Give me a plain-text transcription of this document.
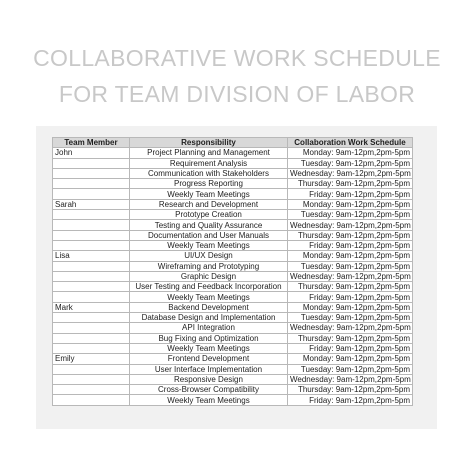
COLLABORATIVE WORK SCHEDULE
FOR TEAM DIVISION OF LABOR
Team Member	Responsibility	Collaboration Work Schedule
John	Project Planning and Management	Monday: 9am-12pm,2pm-5pm
	Requirement Analysis	Tuesday: 9am-12pm,2pm-5pm
	Communication with Stakeholders	Wednesday: 9am-12pm,2pm-5pm
	Progress Reporting	Thursday: 9am-12pm,2pm-5pm
	Weekly Team Meetings	Friday: 9am-12pm,2pm-5pm
Sarah	Research and Development	Monday: 9am-12pm,2pm-5pm
	Prototype Creation	Tuesday: 9am-12pm,2pm-5pm
	Testing and Quality Assurance	Wednesday: 9am-12pm,2pm-5pm
	Documentation and User Manuals	Thursday: 9am-12pm,2pm-5pm
	Weekly Team Meetings	Friday: 9am-12pm,2pm-5pm
Lisa	UI/UX Design	Monday: 9am-12pm,2pm-5pm
	Wireframing and Prototyping	Tuesday: 9am-12pm,2pm-5pm
	Graphic Design	Wednesday: 9am-12pm,2pm-5pm
	User Testing and Feedback Incorporation	Thursday: 9am-12pm,2pm-5pm
	Weekly Team Meetings	Friday: 9am-12pm,2pm-5pm
Mark	Backend Development	Monday: 9am-12pm,2pm-5pm
	Database Design and Implementation	Tuesday: 9am-12pm,2pm-5pm
	API Integration	Wednesday: 9am-12pm,2pm-5pm
	Bug Fixing and Optimization	Thursday: 9am-12pm,2pm-5pm
	Weekly Team Meetings	Friday: 9am-12pm,2pm-5pm
Emily	Frontend Development	Monday: 9am-12pm,2pm-5pm
	User Interface Implementation	Tuesday: 9am-12pm,2pm-5pm
	Responsive Design	Wednesday: 9am-12pm,2pm-5pm
	Cross-Browser Compatibility	Thursday: 9am-12pm,2pm-5pm
	Weekly Team Meetings	Friday: 9am-12pm,2pm-5pm
